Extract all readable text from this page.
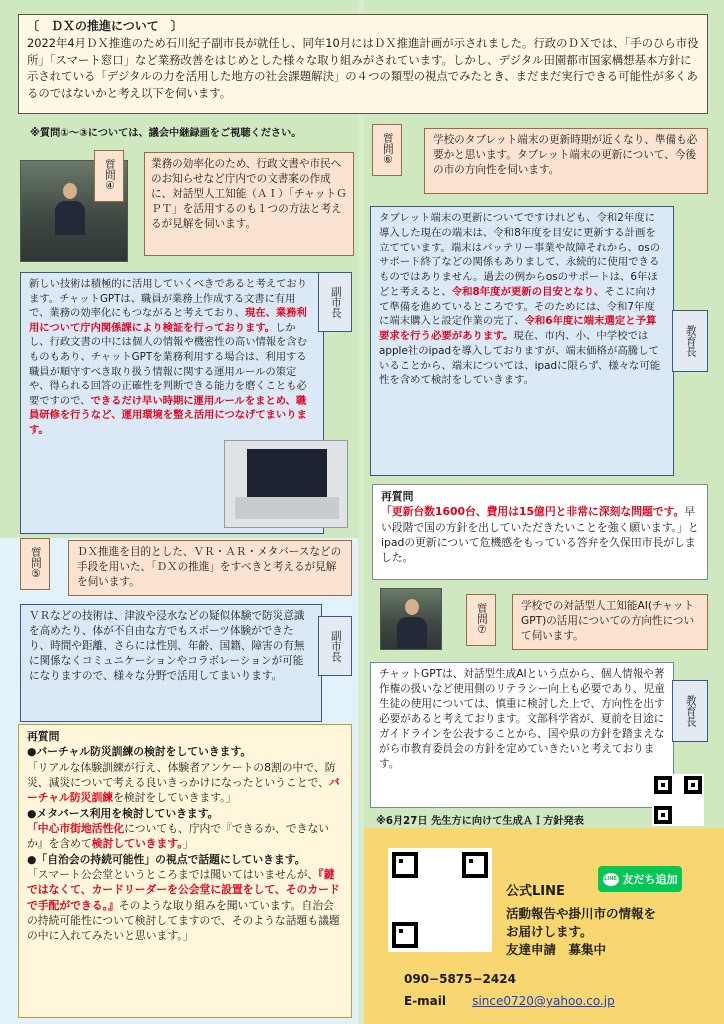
〔　ＤＸの推進について　〕
2022年4月ＤＸ推進のため石川紀子副市長が就任し、同年10月にはＤＸ推進計画が示されました。行政のＤＸでは、「手のひら市役所」「スマート窓口」など業務改善をはじめとした様々な取り組みがされています。しかし、デジタル田園都市国家構想基本方針に示されている「デジタルの力を活用した地方の社会課題解決」の４つの類型の視点でみたとき、まだまだ実行できる可能性が多くあるのではないかと考え以下を伺います。
※質問①～③については、議会中継録画をご視聴ください。
質問④	業務の効率化のため、行政文書や市民へのお知らせなど庁内での文書案の作成に、対話型人工知能（ＡＩ）「チャットＧＰＴ」を活用するのも１つの方法と考えるが見解を伺います。

新しい技術は積極的に活用していくべきであると考えております。チャットGPTは、職員が業務上作成する文書に有用で、業務の効率化にもつながると考えており、現在、業務利用について庁内関係課により検証を行っております。しかし、行政文書の中には個人の情報や機密性の高い情報を含むものもあり、チャットGPTを業務利用する場合は、利用する職員が順守すべき取り扱う情報に関する運用ルールの策定や、得られる回答の正確性を判断できる能力を磨くことも必要ですので、できるだけ早い時期に運用ルールをまとめ、職員研修を行うなど、運用環境を整え活用につなげてまいります。

副市長
質問⑤	ＤＸ推進を目的とした、ＶＲ・ＡＲ・メタバースなどの手段を用いた、「ＤＸの推進」をすべきと考えるが見解を伺います。
ＶＲなどの技術は、津波や浸水などの疑似体験で防災意識を高めたり、体が不自由な方でもスポーツ体験ができたり、時間や距離、さらには性別、年齢、国籍、障害の有無に関係なくコミュニケーションやコラボレーションが可能になりますので、様々な分野で活用してまいります。
副市長
再質問
●バーチャル防災訓練の検討をしていきます。

「リアルな体験訓練が行え、体験者アンケートの8割の中で、防災、減災について考える良いきっかけになったということで、バーチャル防災訓練を検討をしていきます。」

●メタバース利用を検討していきます。

「中心市街地活性化についても、庁内で『できるか、できないか』を含めて検討していきます。」

●「自治会の持続可能性」の視点で話題にしていきます。

「スマート公会堂というところまでは聞いてはいませんが、『鍵ではなくて、カードリーダーを公会堂に設置をして、そのカードで手配ができる。』そのような取り組みを聞いています。自治会の持続可能性について検討してますので、そのような話題も議題の中に入れてみたいと思います。」

質問⑥	学校のタブレット端末の更新時期が近くなり、準備も必要かと思います。タブレット端末の更新について、今後の市の方向性を伺います。

タブレット端末の更新についてですけれども、令和2年度に導入した現在の端末は、令和8年度を目安に更新する計画を立てています。端末はバッテリー事業や故障それから、osのサポート終了などの関係もありまして、永続的に使用できるものではありません。過去の例からosのサポートは、6年ほどと考えると、令和8年度が更新の目安となり、そこに向けて準備を進めているところです。そのためには、令和7年度に端末購入と設定作業の完了、令和6年度に端末選定と予算要求を行う必要があります。現在、市内、小、中学校ではapple社のipadを導入しておりますが、端末価格が高騰していることから、端末については、ipadに限らず、様々な可能性を含めて検討をしていきます。

教育長
再質問

「更新台数1600台、費用は15億円と非常に深刻な問題です。早い段階で国の方針を出していただきたいことを強く願います。」とipadの更新について危機感をもっている答弁を久保田市長がしました。

質問⑦	学校での対話型人工知能AI(チャットGPT)の活用についての方向性について伺います。
チャットGPTは、対話型生成AIという点から、個人情報や著作権の扱いなど使用側のリテラシー向上も必要であり、児童生徒の使用については、慎重に検討した上で、方向性を出す必要があると考えております。文部科学省が、夏前を目途にガイドラインを公表することから、国や県の方針を踏まえながら市教育委員会の方針を定めていきたいと考えております。
教育長
※6月27日 先生方に向けて生成ＡＩ方針発表
LINE 友だち追加
公式LINE
活動報告や掛川市の情報を
お届けします。
友達申請　募集中
090−5875−2424
E-mail since0720@yahoo.co.jp
